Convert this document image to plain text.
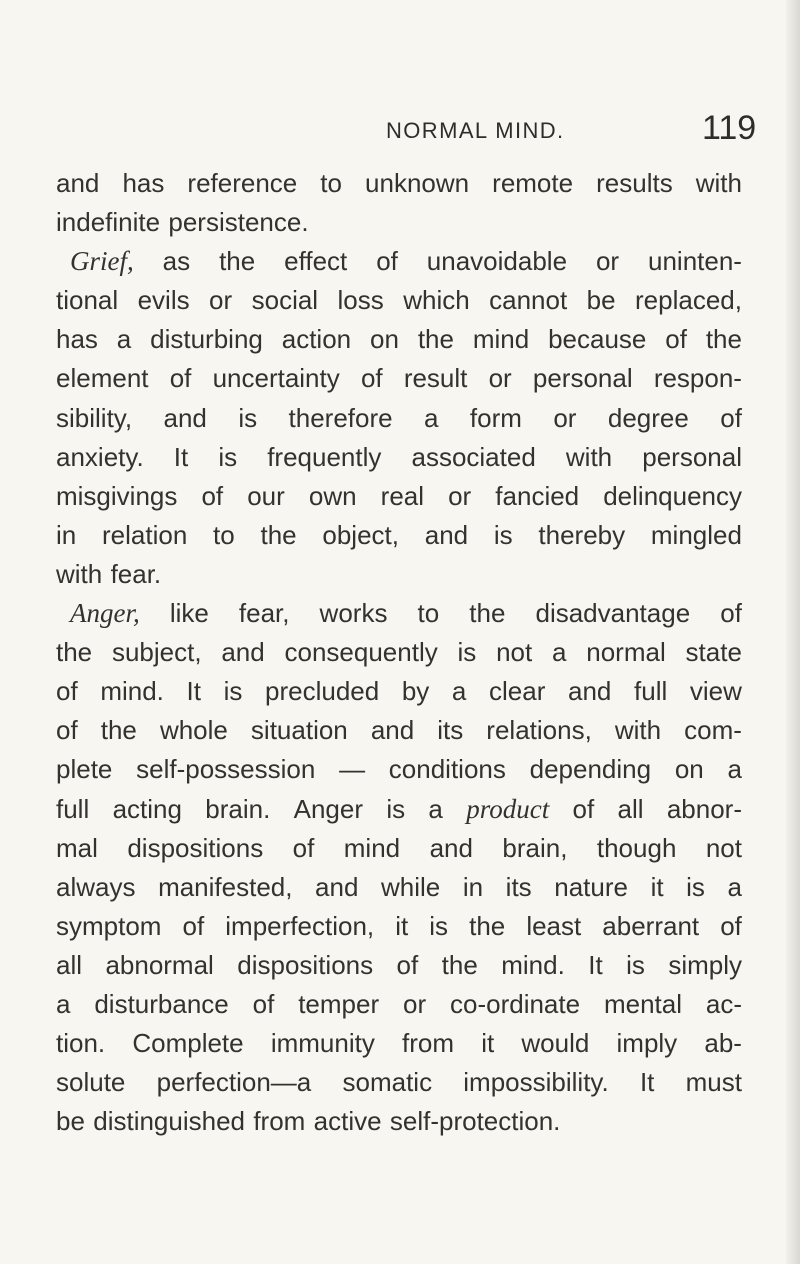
NORMAL MIND.	119
and has reference to unknown remote results with
indefinite persistence.
Grief, as the effect of unavoidable or uninten-
tional evils or social loss which cannot be replaced,
has a disturbing action on the mind because of the
element of uncertainty of result or personal respon-
sibility, and is therefore a form or degree of
anxiety. It is frequently associated with personal
misgivings of our own real or fancied delinquency
in relation to the object, and is thereby mingled
with fear.
Anger, like fear, works to the disadvantage of
the subject, and consequently is not a normal state
of mind. It is precluded by a clear and full view
of the whole situation and its relations, with com-
plete self-possession — conditions depending on a
full acting brain. Anger is a product of all abnor-
mal dispositions of mind and brain, though not
always manifested, and while in its nature it is a
symptom of imperfection, it is the least aberrant of
all abnormal dispositions of the mind. It is simply
a disturbance of temper or co-ordinate mental ac-
tion. Complete immunity from it would imply ab-
solute perfection—a somatic impossibility. It must
be distinguished from active self-protection.
